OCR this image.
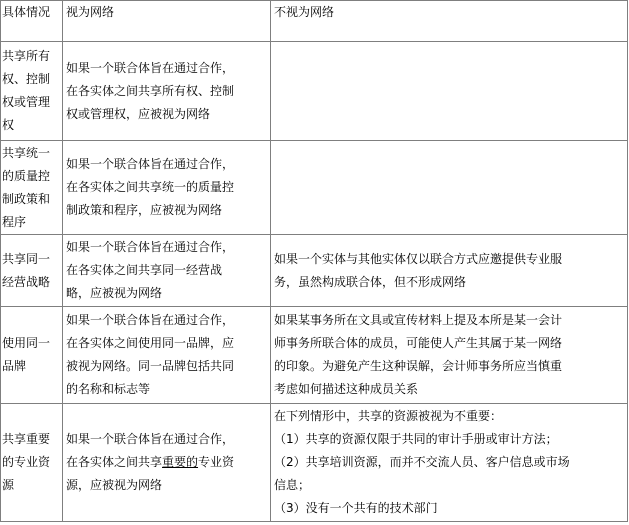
具体情况	视为网络	不视为网络

共享所有
权、控制
权或管理
权	如果一个联合体旨在通过合作，
在各实体之间共享所有权、控制
权或管理权，应被视为网络	

共享统一
的质量控
制政策和
程序	如果一个联合体旨在通过合作，
在各实体之间共享统一的质量控
制政策和程序，应被视为网络	

共享同一
经营战略	如果一个联合体旨在通过合作，
在各实体之间共享同一经营战
略，应被视为网络	如果一个实体与其他实体仅以联合方式应邀提供专业服
务，虽然构成联合体，但不形成网络

使用同一
品牌	如果一个联合体旨在通过合作，
在各实体之间使用同一品牌，应
被视为网络。同一品牌包括共同
的名称和标志等	如果某事务所在文具或宣传材料上提及本所是某一会计
师事务所联合体的成员，可能使人产生其属于某一网络
的印象。为避免产生这种误解，会计师事务所应当慎重
考虑如何描述这种成员关系

共享重要
的专业资
源	如果一个联合体旨在通过合作，
在各实体之间共享重要的专业资
源，应被视为网络	在下列情形中，共享的资源被视为不重要：
（1）共享的资源仅限于共同的审计手册或审计方法；
（2）共享培训资源，而并不交流人员、客户信息或市场
信息；
（3）没有一个共有的技术部门
